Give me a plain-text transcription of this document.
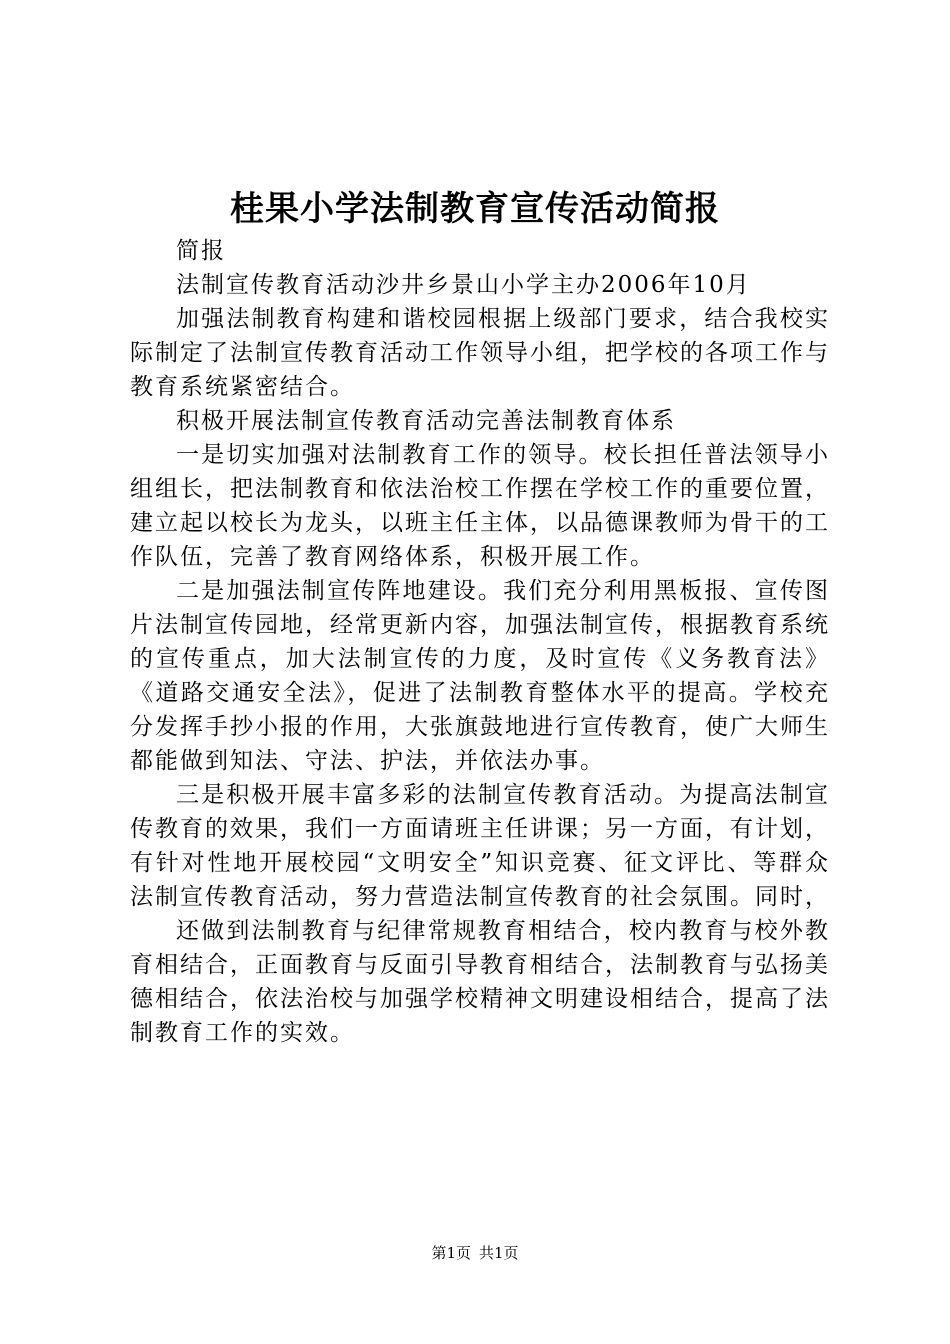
桂果小学法制教育宣传活动简报

简报

法制宣传教育活动沙井乡景山小学主办2006年10月

加强法制教育构建和谐校园根据上级部门要求，结合我校实际制定了法制宣传教育活动工作领导小组，把学校的各项工作与教育系统紧密结合。

积极开展法制宣传教育活动完善法制教育体系

一是切实加强对法制教育工作的领导。校长担任普法领导小组组长，把法制教育和依法治校工作摆在学校工作的重要位置，建立起以校长为龙头，以班主任主体，以品德课教师为骨干的工作队伍，完善了教育网络体系，积极开展工作。

二是加强法制宣传阵地建设。我们充分利用黑板报、宣传图片法制宣传园地，经常更新内容，加强法制宣传，根据教育系统的宣传重点，加大法制宣传的力度，及时宣传《义务教育法》《道路交通安全法》，促进了法制教育整体水平的提高。学校充分发挥手抄小报的作用，大张旗鼓地进行宣传教育，使广大师生都能做到知法、守法、护法，并依法办事。

三是积极开展丰富多彩的法制宣传教育活动。为提高法制宣传教育的效果，我们一方面请班主任讲课；另一方面，有计划，有针对性地开展校园“文明安全”知识竞赛、征文评比、等群众法制宣传教育活动，努力营造法制宣传教育的社会氛围。同时，

还做到法制教育与纪律常规教育相结合，校内教育与校外教育相结合，正面教育与反面引导教育相结合，法制教育与弘扬美德相结合，依法治校与加强学校精神文明建设相结合，提高了法制教育工作的实效。

第1页 共1页
